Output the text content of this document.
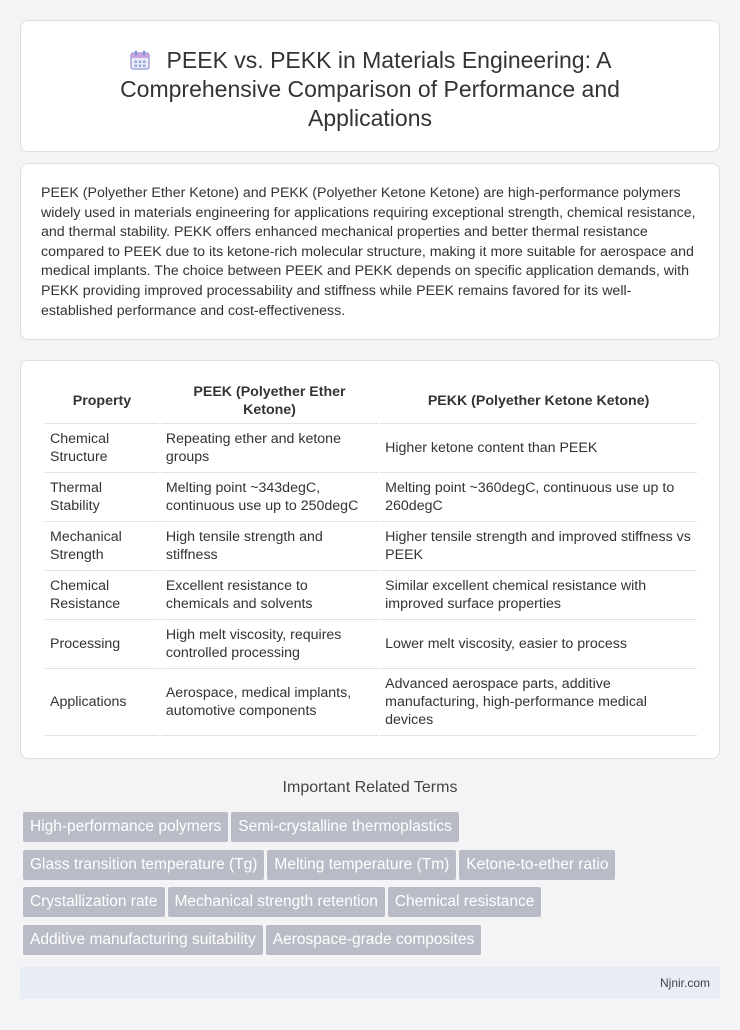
PEEK vs. PEKK in Materials Engineering: A Comprehensive Comparison of Performance and Applications

PEEK (Polyether Ether Ketone) and PEKK (Polyether Ketone Ketone) are high-performance polymers widely used in materials engineering for applications requiring exceptional strength, chemical resistance, and thermal stability. PEKK offers enhanced mechanical properties and better thermal resistance compared to PEEK due to its ketone-rich molecular structure, making it more suitable for aerospace and medical implants. The choice between PEEK and PEKK depends on specific application demands, with PEKK providing improved processability and stiffness while PEEK remains favored for its well-established performance and cost-effectiveness.

Property	PEEK (Polyether Ether Ketone)	PEKK (Polyether Ketone Ketone)
Chemical Structure	Repeating ether and ketone groups	Higher ketone content than PEEK
Thermal Stability	Melting point ~343degC, continuous use up to 250degC	Melting point ~360degC, continuous use up to 260degC
Mechanical Strength	High tensile strength and stiffness	Higher tensile strength and improved stiffness vs PEEK
Chemical Resistance	Excellent resistance to chemicals and solvents	Similar excellent chemical resistance with improved surface properties
Processing	High melt viscosity, requires controlled processing	Lower melt viscosity, easier to process
Applications	Aerospace, medical implants, automotive components	Advanced aerospace parts, additive manufacturing, high-performance medical devices
Important Related Terms
High-performance polymers Semi-crystalline thermoplastics
Glass transition temperature (Tg) Melting temperature (Tm) Ketone-to-ether ratio
Crystallization rate Mechanical strength retention Chemical resistance
Additive manufacturing suitability Aerospace-grade composites
Njnir.com
